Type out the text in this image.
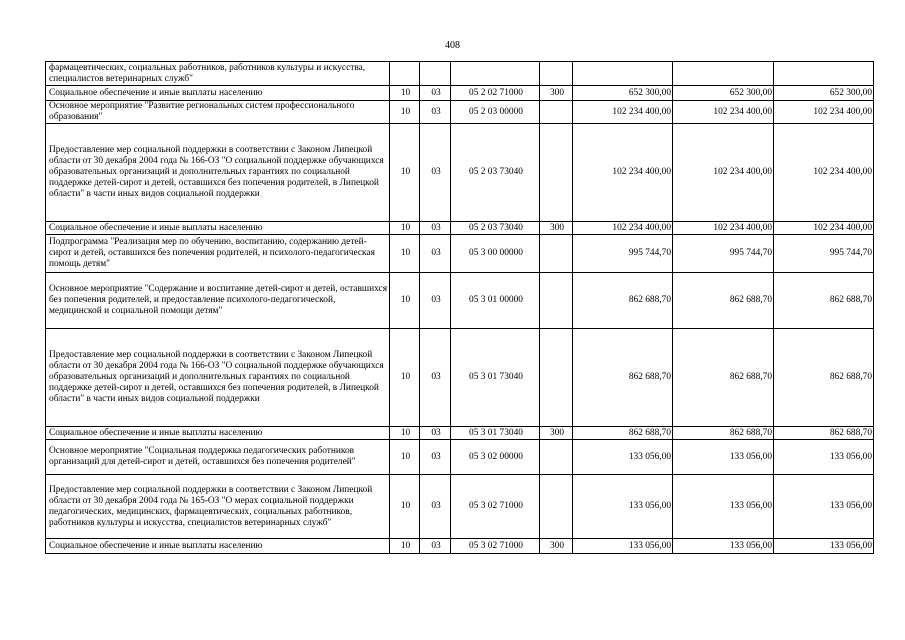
408
фармацевтических, социальных работников, работников культуры и искусства, специалистов ветеринарных служб"							
Социальное обеспечение и иные выплаты населению	10	03	05 2 02 71000	300	652 300,00	652 300,00	652 300,00
Основное мероприятие "Развитие региональных систем профессионального образования"	10	03	05 2 03 00000		102 234 400,00	102 234 400,00	102 234 400,00
Предоставление мер социальной поддержки в соответствии с Законом Липецкой области от 30 декабря 2004 года № 166-ОЗ "О социальной поддержке обучающихся образовательных организаций и дополнительных гарантиях по социальной поддержке детей-сирот и детей, оставшихся без попечения родителей, в Липецкой области" в части иных видов социальной поддержки	10	03	05 2 03 73040		102 234 400,00	102 234 400,00	102 234 400,00
Социальное обеспечение и иные выплаты населению	10	03	05 2 03 73040	300	102 234 400,00	102 234 400,00	102 234 400,00
Подпрограмма "Реализация мер по обучению, воспитанию, содержанию детей-сирот и детей, оставшихся без попечения родителей, и психолого-педагогическая помощь детям"	10	03	05 3 00 00000		995 744,70	995 744,70	995 744,70
Основное мероприятие "Содержание и воспитание детей-сирот и детей, оставшихся без попечения родителей, и предоставление психолого-педагогической, медицинской и социальной помощи детям"	10	03	05 3 01 00000		862 688,70	862 688,70	862 688,70
Предоставление мер социальной поддержки в соответствии с Законом Липецкой области от 30 декабря 2004 года № 166-ОЗ "О социальной поддержке обучающихся образовательных организаций и дополнительных гарантиях по социальной поддержке детей-сирот и детей, оставшихся без попечения родителей, в Липецкой области" в части иных видов социальной поддержки	10	03	05 3 01 73040		862 688,70	862 688,70	862 688,70
Социальное обеспечение и иные выплаты населению	10	03	05 3 01 73040	300	862 688,70	862 688,70	862 688,70
Основное мероприятие "Социальная поддержка педагогических работников организаций для детей-сирот и детей, оставшихся без попечения родителей"	10	03	05 3 02 00000		133 056,00	133 056,00	133 056,00
Предоставление мер социальной поддержки в соответствии с Законом Липецкой области от 30 декабря 2004 года № 165-ОЗ "О мерах социальной поддержки педагогических, медицинских, фармацевтических, социальных работников, работников культуры и искусства, специалистов ветеринарных служб"	10	03	05 3 02 71000		133 056,00	133 056,00	133 056,00
Социальное обеспечение и иные выплаты населению	10	03	05 3 02 71000	300	133 056,00	133 056,00	133 056,00
